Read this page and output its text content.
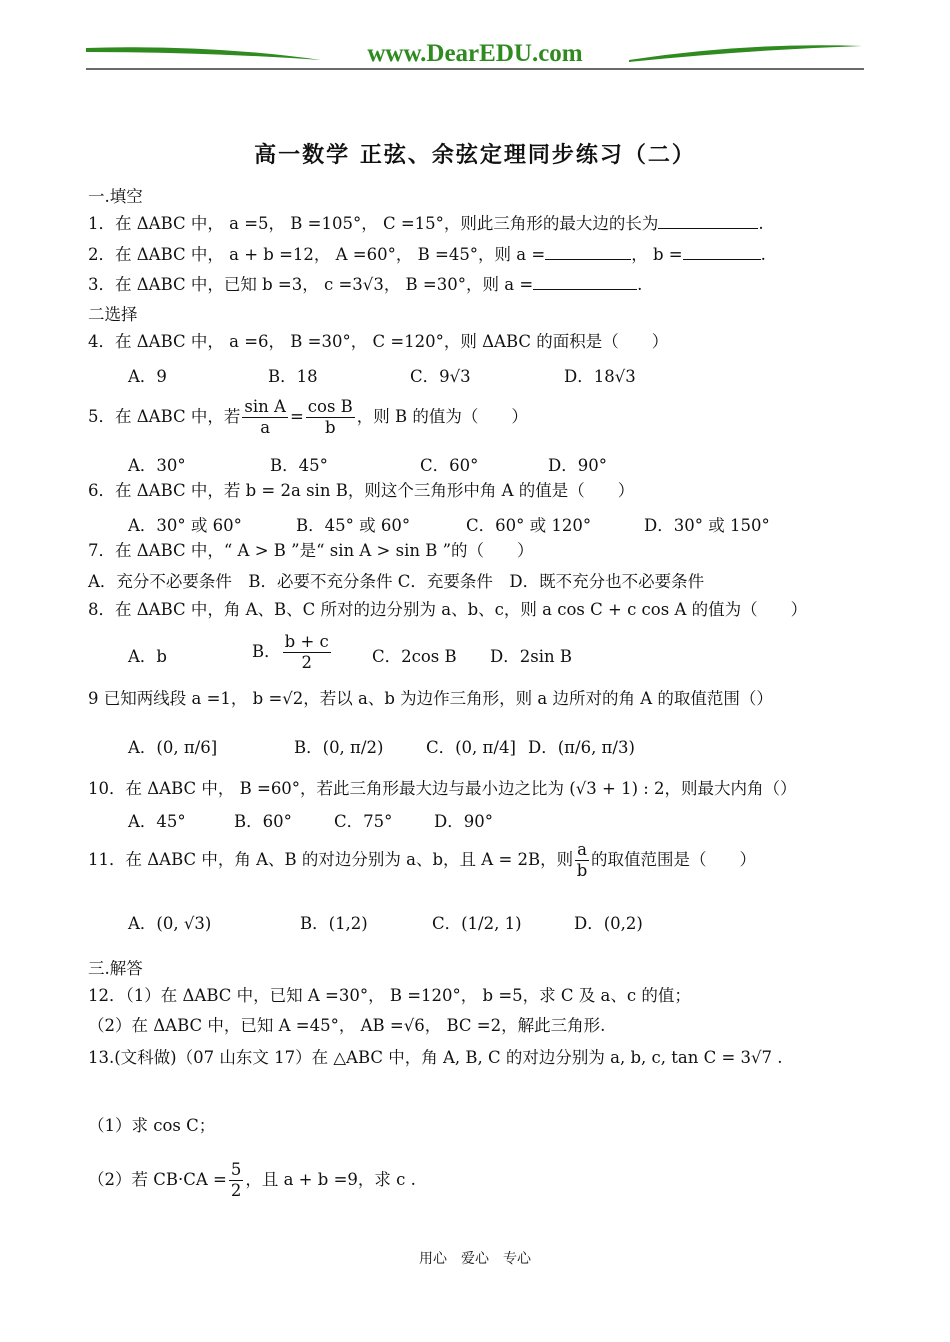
www.DearEDU.com
高一数学 正弦、余弦定理同步练习（二）
一.填空
1．在 ΔABC 中， a =5， B =105°， C =15°，则此三角形的最大边的长为	.
2．在 ΔABC 中， a + b =12， A =60°， B =45°，则 a =	， b =	.
3．在 ΔABC 中，已知 b =3， c =3√3， B =30°，则 a =	.
二选择
4．在 ΔABC 中， a =6， B =30°， C =120°，则 ΔABC 的面积是（　　）
A．9	B．18	C．9√3	D．18√3
5．在 ΔABC 中，若 $\frac{\text{sin A}}{a} = \frac{\text{cos B}}{b}$ ，则 B 的值为（　　）
A．30°	B．45°	C．60°	D．90°
6．在 ΔABC 中，若 b = 2a sin B，则这个三角形中角 A 的值是（　　）
A．30° 或 60°	B．45° 或 60°	C．60° 或 120°	D．30° 或 150°
7．在 ΔABC 中，“ A > B ”是“ sin A > sin B ”的（　　）
A．充分不必要条件　B．必要不充分条件 C．充要条件　D．既不充分也不必要条件
8．在 ΔABC 中，角 A、B、C 所对的边分别为 a、b、c，则 a cos C + c cos A 的值为（　　）
A．b	B． $\frac{b + c}{2}$ C．2cos B D．2sin B
9 已知两线段 a =1， b =√2，若以 a、b 为边作三角形，则 a 边所对的角 A 的取值范围（）
A．(0, π/6]	B．(0, π/2)	C．(0, π/4] D．(π/6, π/3)
10．在 ΔABC 中， B =60°，若此三角形最大边与最小边之比为 (√3 + 1) : 2，则最大内角（）
A．45°	B．60°	C．75°	D．90°
11．在 ΔABC 中，角 A、B 的对边分别为 a、b，且 A = 2B，则 $\frac{a}{b}$ 的取值范围是（　　）
A．(0, √3)	B．(1,2)	C．(1/2, 1)	D．(0,2)
三.解答
12．（1）在 ΔABC 中，已知 A =30°， B =120°， b =5，求 C 及 a、c 的值；
（2）在 ΔABC 中，已知 A =45°， AB =√6， BC =2，解此三角形.
13.(文科做)（07 山东文 17）在 △ABC 中，角 A, B, C 的对边分别为 a, b, c, tan C = 3√7 .
（1）求 cos C；
（2）若 $CB\cdot CA = \frac{5}{2}$ ，且 a + b =9，求 c .
用心　爱心　专心
